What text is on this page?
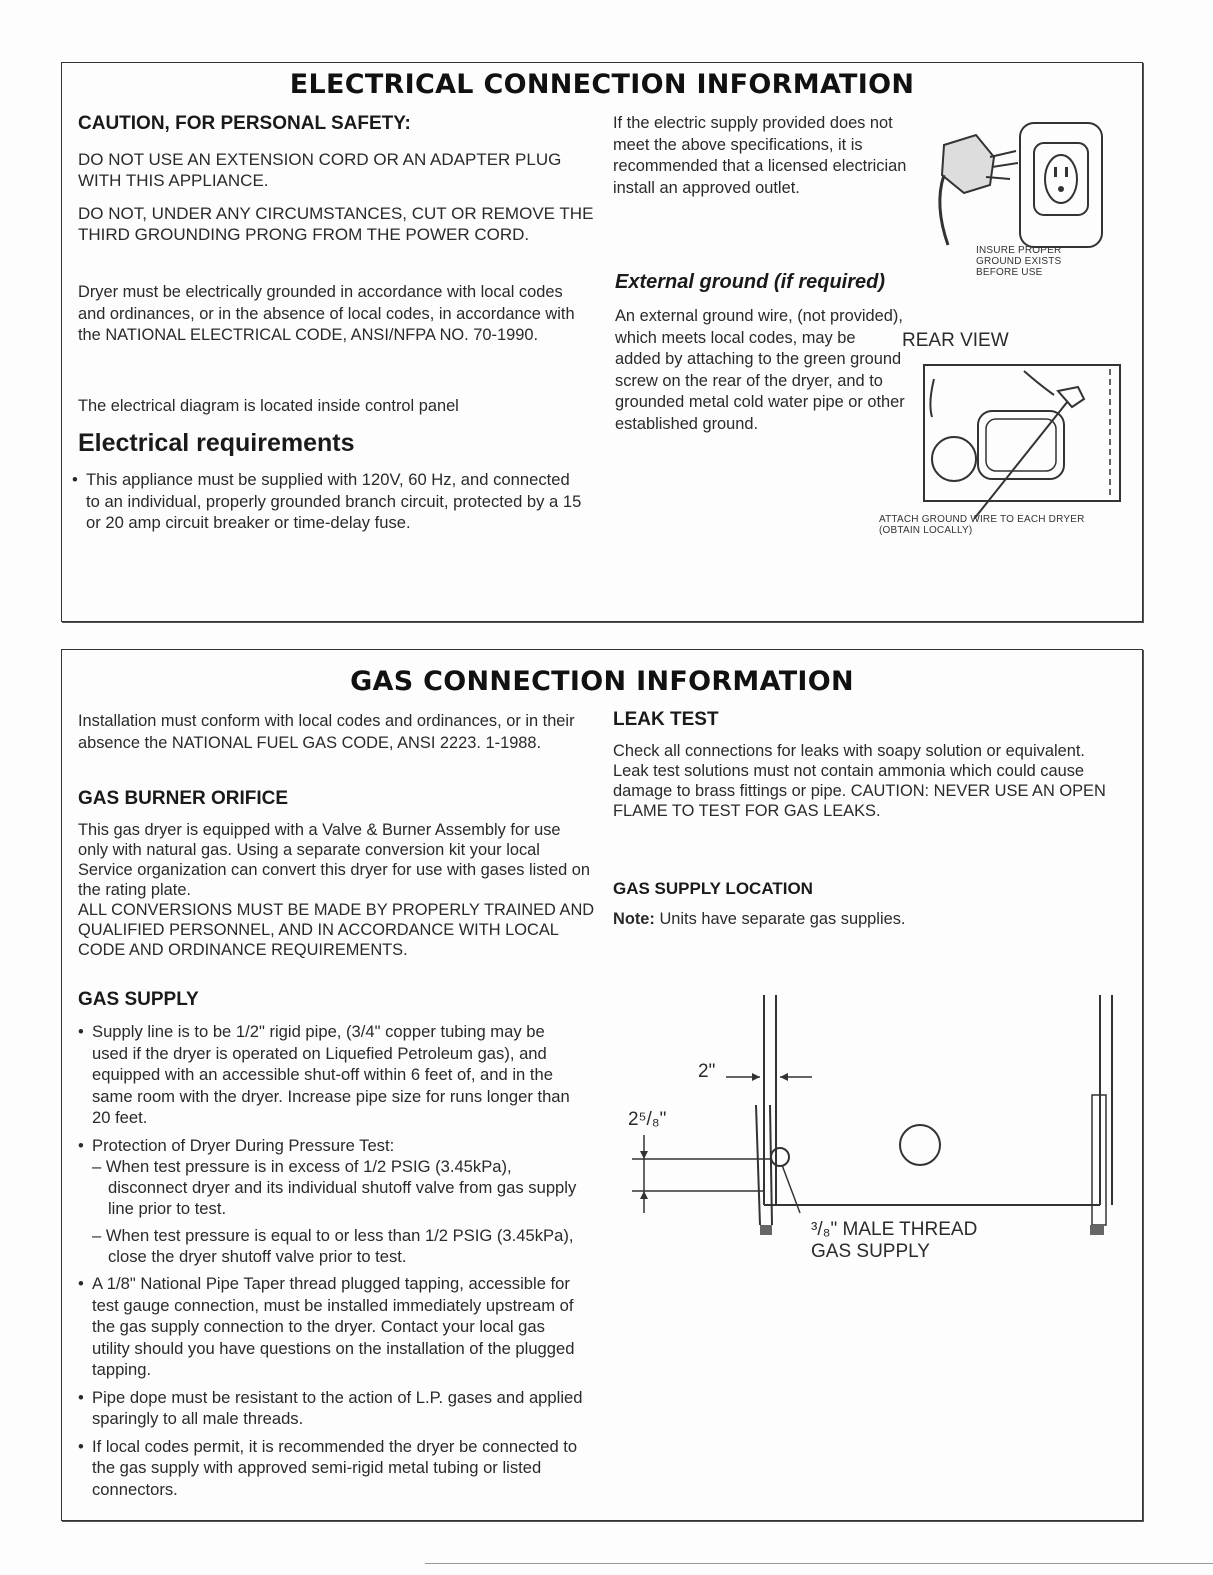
ELECTRICAL CONNECTION INFORMATION
CAUTION, FOR PERSONAL SAFETY:

DO NOT USE AN EXTENSION CORD OR AN ADAPTER PLUG WITH THIS APPLIANCE.

DO NOT, UNDER ANY CIRCUMSTANCES, CUT OR REMOVE THE THIRD GROUNDING PRONG FROM THE POWER CORD.

Dryer must be electrically grounded in accordance with local codes and ordinances, or in the absence of local codes, in accordance with the NATIONAL ELECTRICAL CODE, ANSI/NFPA NO. 70-1990.

The electrical diagram is located inside control panel

Electrical requirements
• This appliance must be supplied with 120V, 60 Hz, and connected to an individual, properly grounded branch circuit, protected by a 15 or 20 amp circuit breaker or time-delay fuse.

If the electric supply provided does not meet the above specifications, it is recommended that a licensed electrician install an approved outlet.

INSURE PROPER GROUND EXISTS BEFORE USE
External ground (if required)
REAR VIEW

An external ground wire, (not provided), which meets local codes, may be added by attaching to the green ground screw on the rear of the dryer, and to grounded metal cold water pipe or other established ground.

ATTACH GROUND WIRE TO EACH DRYER (OBTAIN LOCALLY)
GAS CONNECTION INFORMATION

Installation must conform with local codes and ordinances, or in their absence the NATIONAL FUEL GAS CODE, ANSI 2223. 1-1988.

GAS BURNER ORIFICE

This gas dryer is equipped with a Valve & Burner Assembly for use only with natural gas. Using a separate conversion kit your local Service organization can convert this dryer for use with gases listed on the rating plate.

ALL CONVERSIONS MUST BE MADE BY PROPERLY TRAINED AND QUALIFIED PERSONNEL, AND IN ACCORDANCE WITH LOCAL CODE AND ORDINANCE REQUIREMENTS.

GAS SUPPLY
• Supply line is to be 1/2" rigid pipe, (3/4" copper tubing may be used if the dryer is operated on Liquefied Petroleum gas), and equipped with an accessible shut-off within 6 feet of, and in the same room with the dryer. Increase pipe size for runs longer than 20 feet.
• Protection of Dryer During Pressure Test:

– When test pressure is in excess of 1/2 PSIG (3.45kPa), disconnect dryer and its individual shutoff valve from gas supply line prior to test.

– When test pressure is equal to or less than 1/2 PSIG (3.45kPa), close the dryer shutoff valve prior to test.

• A 1/8" National Pipe Taper thread plugged tapping, accessible for test gauge connection, must be installed immediately upstream of the gas supply connection to the dryer. Contact your local gas utility should you have questions on the installation of the plugged tapping.
• Pipe dope must be resistant to the action of L.P. gases and applied sparingly to all male threads.
• If local codes permit, it is recommended the dryer be connected to the gas supply with approved semi-rigid metal tubing or listed connectors.
LEAK TEST

Check all connections for leaks with soapy solution or equivalent. Leak test solutions must not contain ammonia which could cause damage to brass fittings or pipe. CAUTION: NEVER USE AN OPEN FLAME TO TEST FOR GAS LEAKS.

GAS SUPPLY LOCATION
Note: Units have separate gas supplies.
2"
2⁵/₈"
³/₈" MALE THREAD
GAS SUPPLY
